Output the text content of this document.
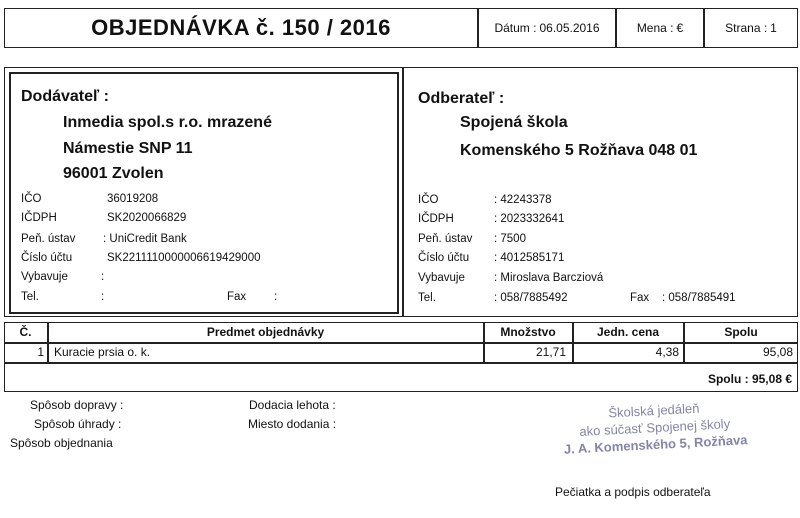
OBJEDNÁVKA č. 150 / 2016	Dátum : 06.05.2016	Mena : €	Strana : 1
Dodávateľ :
Inmedia spol.s r.o. mrazené
Námestie SNP 11
96001 Zvolen
IČO	36019208
IČDPH	SK2020066829
Peň. ústav : UniCredit Bank
Číslo účtu	SK2211110000006619429000
Vybavuje	:
Tel.	:	Fax :
Odberateľ :
Spojená škola
Komenského 5 Rožňava 048 01
IČO	: 42243378
IČDPH	: 2023332641
Peň. ústav : 7500
Číslo účtu : 4012585171
Vybavuje	: Miroslava Barcziová
Tel.	: 058/7885492	Fax : 058/7885491
Č.	Predmet objednávky	Množstvo	Jedn. cena	Spolu
1 Kuracie prsia o. k.	21,71	4,38	95,08
Spolu : 95,08 €
Spôsob dopravy :
Spôsob úhrady :
Spôsob objednania
Dodacia lehota :
Miesto dodania :
Školská jedáleň
ako súčasť Spojenej školy
J. A. Komenského 5, Rožňava
Pečiatka a podpis odberateľa
